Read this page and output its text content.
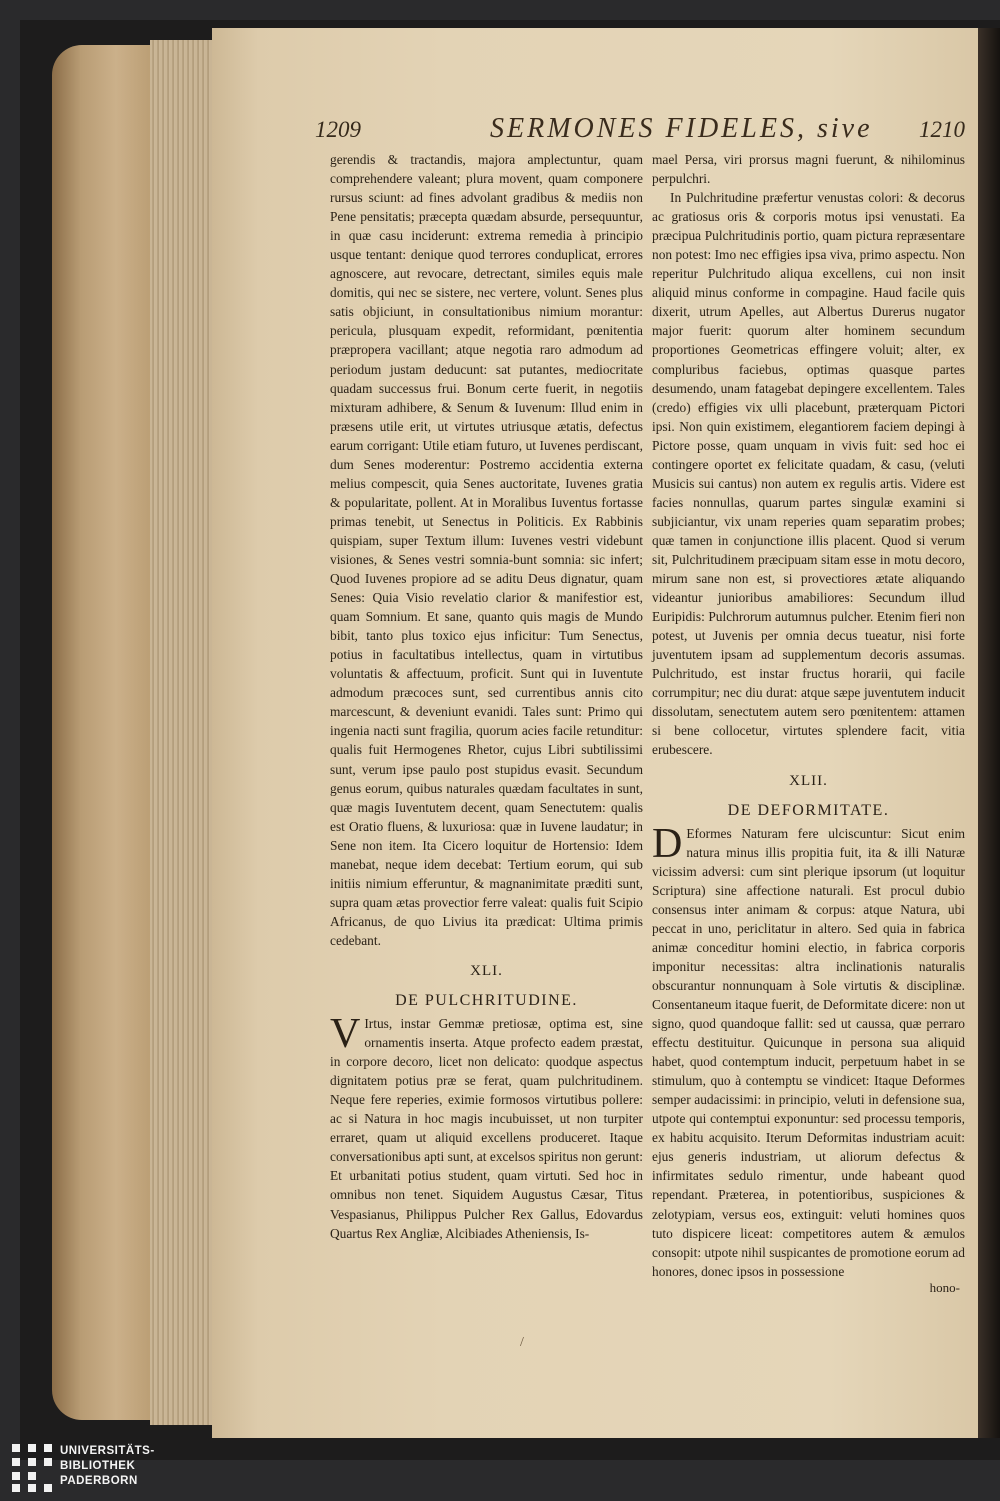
1209	SERMONES FIDELES, sive 1210

gerendis & tractandis, majora amplectuntur, quam comprehendere valeant; plura movent, quam componere rursus sciunt: ad fines advolant gradibus & mediis non Pene pensitatis; præcepta quædam absurde, persequuntur, in quæ casu inciderunt: extrema remedia à principio usque tentant: denique quod terrores conduplicat, errores agnoscere, aut revocare, detrectant, similes equis male domitis, qui nec se sistere, nec vertere, volunt. Senes plus satis objiciunt, in consultationibus nimium morantur: pericula, plusquam expedit, reformidant, pœnitentia præpropera vacillant; atque negotia raro admodum ad periodum justam deducunt: sat putantes, mediocritate quadam successus frui. Bonum certe fuerit, in negotiis mixturam adhibere, & Senum & Iuvenum: Illud enim in præsens utile erit, ut virtutes utriusque ætatis, defectus earum corrigant: Utile etiam futuro, ut Iuvenes perdiscant, dum Senes moderentur: Postremo accidentia externa melius compescit, quia Senes auctoritate, Iuvenes gratia & popularitate, pollent. At in Moralibus Iuventus fortasse primas tenebit, ut Senectus in Politicis. Ex Rabbinis quispiam, super Textum illum: Iuvenes vestri videbunt visiones, & Senes vestri somnia-bunt somnia: sic infert; Quod Iuvenes propiore ad se aditu Deus dignatur, quam Senes: Quia Visio revelatio clarior & manifestior est, quam Somnium. Et sane, quanto quis magis de Mundo bibit, tanto plus toxico ejus inficitur: Tum Senectus, potius in facultatibus intellectus, quam in virtutibus voluntatis & affectuum, proficit. Sunt qui in Iuventute admodum præcoces sunt, sed currentibus annis cito marcescunt, & deveniunt evanidi. Tales sunt: Primo qui ingenia nacti sunt fragilia, quorum acies facile retunditur: qualis fuit Hermogenes Rhetor, cujus Libri subtilissimi sunt, verum ipse paulo post stupidus evasit. Secundum genus eorum, quibus naturales quædam facultates in sunt, quæ magis Iuventutem decent, quam Senectutem: qualis est Oratio fluens, & luxuriosa: quæ in Iuvene laudatur; in Sene non item. Ita Cicero loquitur de Hortensio: Idem manebat, neque idem decebat: Tertium eorum, qui sub initiis nimium efferuntur, & magnanimitate præditi sunt, supra quam ætas provectior ferre valeat: qualis fuit Scipio Africanus, de quo Livius ita prædicat: Ultima primis cedebant.

XLI.
DE PULCHRITUDINE.

V Irtus, instar Gemmæ pretiosæ, optima est, sine ornamentis inserta. Atque profecto eadem præstat, in corpore decoro, licet non delicato: quodque aspectus dignitatem potius præ se ferat, quam pulchritudinem. Neque fere reperies, eximie formosos virtutibus pollere: ac si Natura in hoc magis incubuisset, ut non turpiter erraret, quam ut aliquid excellens produceret. Itaque conversationibus apti sunt, at excelsos spiritus non gerunt: Et urbanitati potius student, quam virtuti. Sed hoc in omnibus non tenet. Siquidem Augustus Cæsar, Titus Vespasianus, Philippus Pulcher Rex Gallus, Edovardus Quartus Rex Angliæ, Alcibiades Atheniensis, Is-

mael Persa, viri prorsus magni fuerunt, & nihilominus perpulchri.

In Pulchritudine præfertur venustas colori: & decorus ac gratiosus oris & corporis motus ipsi venustati. Ea præcipua Pulchritudinis portio, quam pictura repræsentare non potest: Imo nec effigies ipsa viva, primo aspectu. Non reperitur Pulchritudo aliqua excellens, cui non insit aliquid minus conforme in compagine. Haud facile quis dixerit, utrum Apelles, aut Albertus Durerus nugator major fuerit: quorum alter hominem secundum proportiones Geometricas effingere voluit; alter, ex compluribus faciebus, optimas quasque partes desumendo, unam fatagebat depingere excellentem. Tales (credo) effigies vix ulli placebunt, præterquam Pictori ipsi. Non quin existimem, elegantiorem faciem depingi à Pictore posse, quam unquam in vivis fuit: sed hoc ei contingere oportet ex felicitate quadam, & casu, (veluti Musicis sui cantus) non autem ex regulis artis. Videre est facies nonnullas, quarum partes singulæ examini si subjiciantur, vix unam reperies quam separatim probes; quæ tamen in conjunctione illis placent. Quod si verum sit, Pulchritudinem præcipuam sitam esse in motu decoro, mirum sane non est, si provectiores ætate aliquando videantur junioribus amabiliores: Secundum illud Euripidis: Pulchrorum autumnus pulcher. Etenim fieri non potest, ut Juvenis per omnia decus tueatur, nisi forte juventutem ipsam ad supplementum decoris assumas. Pulchritudo, est instar fructus horarii, qui facile corrumpitur; nec diu durat: atque sæpe juventutem inducit dissolutam, senectutem autem sero pœnitentem: attamen si bene collocetur, virtutes splendere facit, vitia erubescere.

XLII.
DE DEFORMITATE.

D Eformes Naturam fere ulciscuntur: Sicut enim natura minus illis propitia fuit, ita & illi Naturæ vicissim adversi: cum sint plerique ipsorum (ut loquitur Scriptura) sine affectione naturali. Est procul dubio consensus inter animam & corpus: atque Natura, ubi peccat in uno, periclitatur in altero. Sed quia in fabrica animæ conceditur homini electio, in fabrica corporis imponitur necessitas: altra inclinationis naturalis obscurantur nonnunquam à Sole virtutis & disciplinæ. Consentaneum itaque fuerit, de Deformitate dicere: non ut signo, quod quandoque fallit: sed ut caussa, quæ perraro effectu destituitur. Quicunque in persona sua aliquid habet, quod contemptum inducit, perpetuum habet in se stimulum, quo à contemptu se vindicet: Itaque Deformes semper audacissimi: in principio, veluti in defensione sua, utpote qui contemptui exponuntur: sed processu temporis, ex habitu acquisito. Iterum Deformitas industriam acuit: ejus generis industriam, ut aliorum defectus & infirmitates sedulo rimentur, unde habeant quod rependant. Præterea, in potentioribus, suspiciones & zelotypiam, versus eos, extinguit: veluti homines quos tuto dispicere liceat: competitores autem & æmulos consopit: utpote nihil suspicantes de promotione eorum ad honores, donec ipsos in possessione

hono-
/
UNIVERSITÄTS-
BIBLIOTHEK
PADERBORN
